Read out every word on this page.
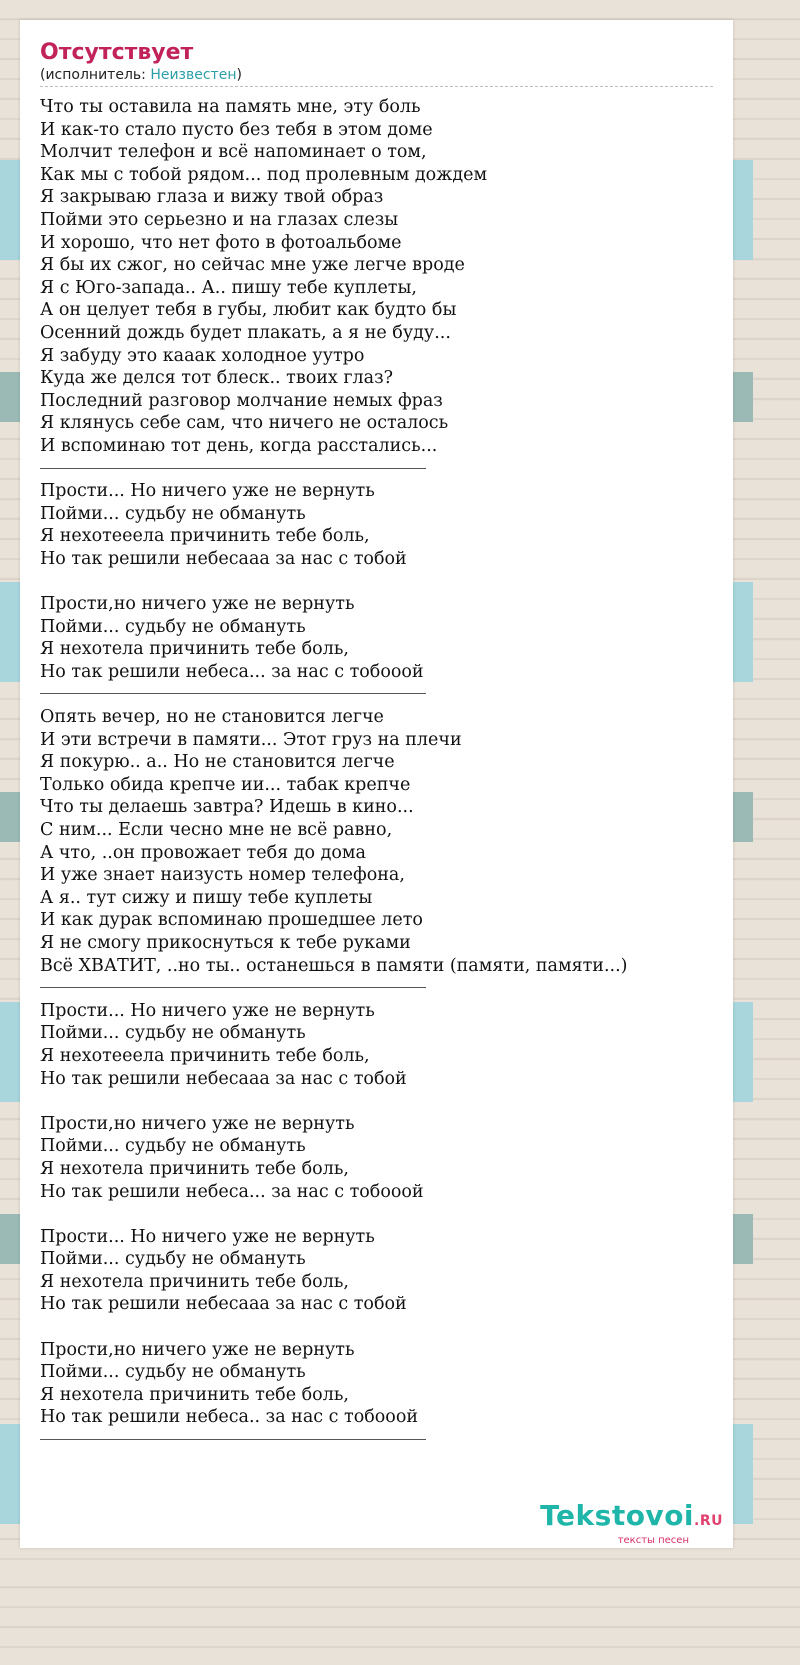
Отсутствует
(исполнитель: Неизвестен)
Что ты оставила на память мне, эту боль
И как-то стало пусто без тебя в этом доме
Молчит телефон и всё напоминает о том,
Как мы с тобой рядом... под пролевным дождем
Я закрываю глаза и вижу твой образ
Пойми это серьезно и на глазах слезы
И хорошо, что нет фото в фотоальбоме
Я бы их сжог, но сейчас мне уже легче вроде
Я с Юго-запада.. А.. пишу тебе куплеты,
А он целует тебя в губы, любит как будто бы
Осенний дождь будет плакать, а я не буду...
Я забуду это кааак холодное уутро
Куда же делся тот блеск.. твоих глаз?
Последний разговор молчание немых фраз
Я клянусь себе сам, что ничего не осталось
И вспоминаю тот день, когда расстались...
Прости... Но ничего уже не вернуть
Пойми... судьбу не обмануть
Я нехотееела причинить тебе боль,
Но так решили небесааа за нас с тобой
Прости,но ничего уже не вернуть
Пойми... судьбу не обмануть
Я нехотела причинить тебе боль,
Но так решили небеса... за нас с тобооой
Опять вечер, но не становится легче
И эти встречи в памяти... Этот груз на плечи
Я покурю.. а.. Но не становится легче
Только обида крепче ии... табак крепче
Что ты делаешь завтра? Идешь в кино...
С ним... Если чесно мне не всё равно,
А что, ..он провожает тебя до дома
И уже знает наизусть номер телефона,
А я.. тут сижу и пишу тебе куплеты
И как дурак вспоминаю прошедшее лето
Я не смогу прикоснуться к тебе руками
Всё ХВАТИТ, ..но ты.. останешься в памяти (памяти, памяти...)
Прости... Но ничего уже не вернуть
Пойми... судьбу не обмануть
Я нехотееела причинить тебе боль,
Но так решили небесааа за нас с тобой
Прости,но ничего уже не вернуть
Пойми... судьбу не обмануть
Я нехотела причинить тебе боль,
Но так решили небеса... за нас с тобооой
Прости... Но ничего уже не вернуть
Пойми... судьбу не обмануть
Я нехотела причинить тебе боль,
Но так решили небесааа за нас с тобой
Прости,но ничего уже не вернуть
Пойми... судьбу не обмануть
Я нехотела причинить тебе боль,
Но так решили небеса.. за нас с тобооой
Tekstovoi.RU
тексты песен
